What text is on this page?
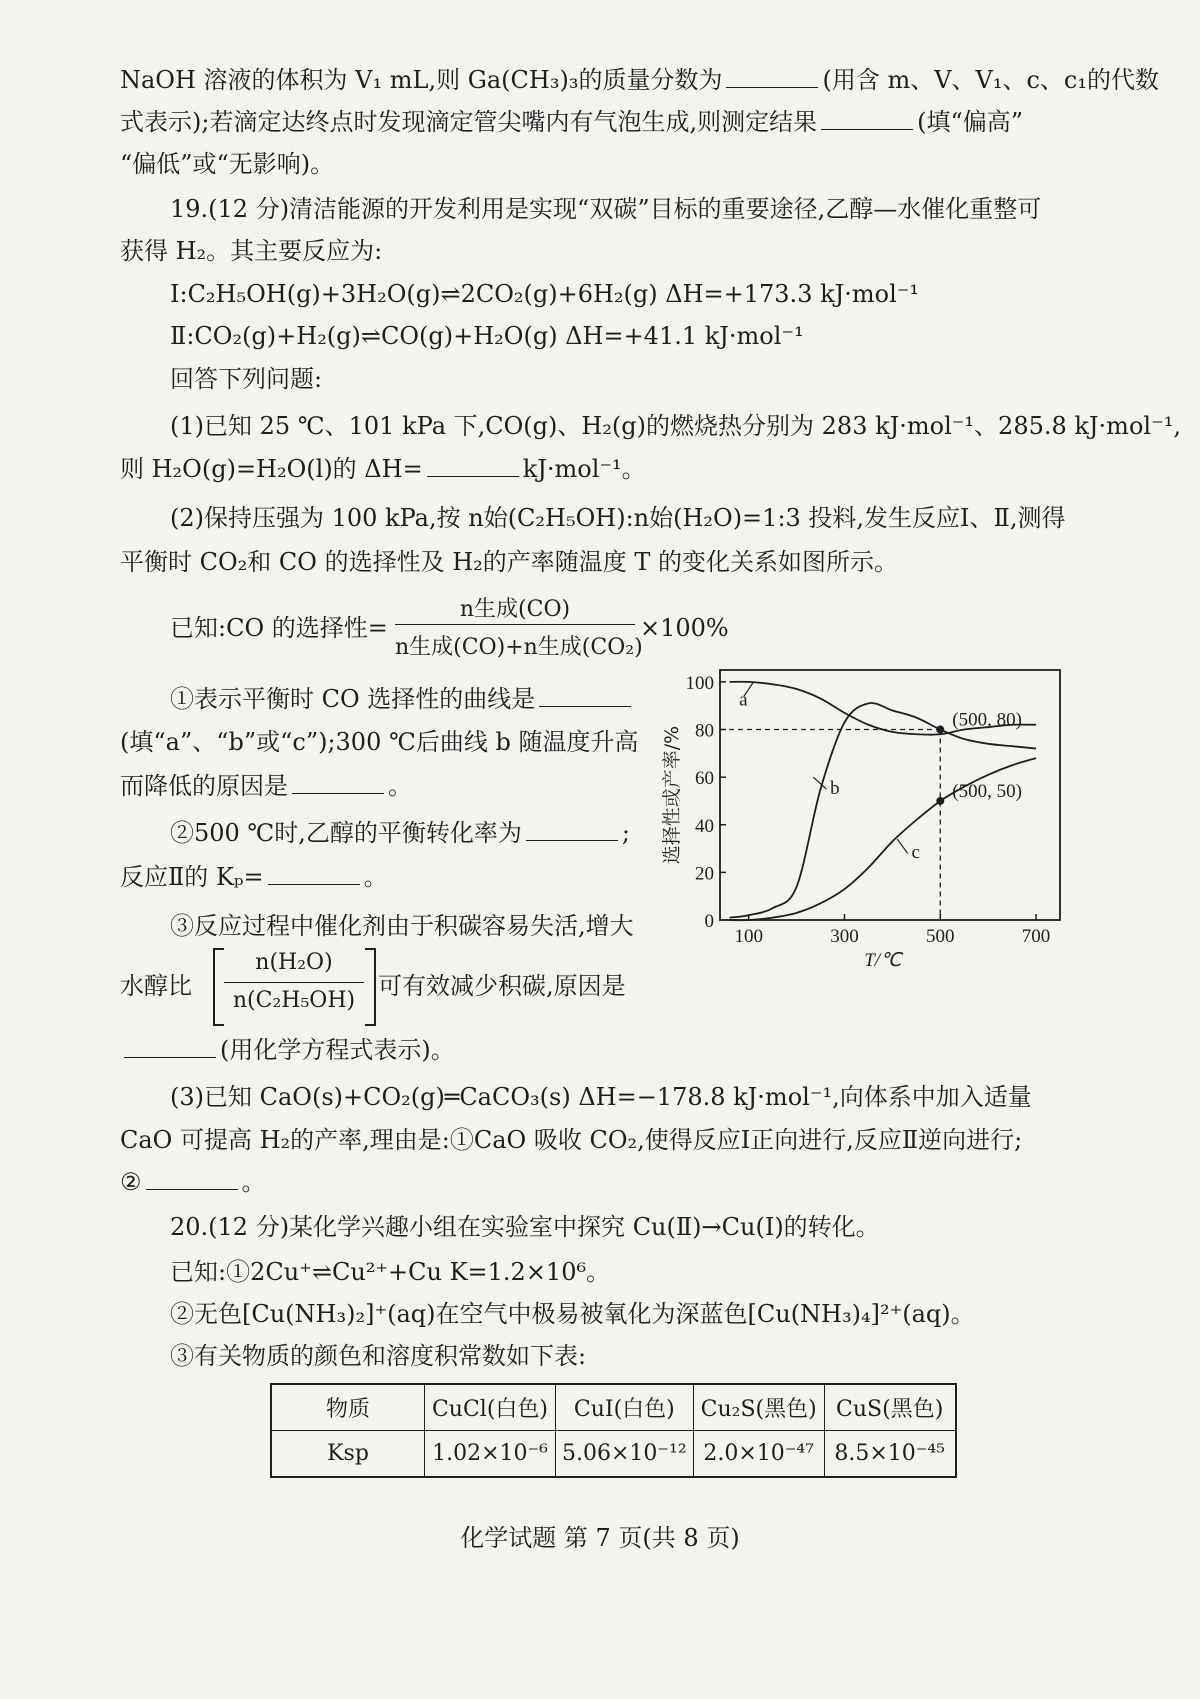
NaOH 溶液的体积为 V₁ mL,则 Ga(CH₃)₃的质量分数为	(用含 m、V、V₁、c、c₁的代数
式表示);若滴定达终点时发现滴定管尖嘴内有气泡生成,则测定结果	(填“偏高”
“偏低”或“无影响)。
19.(12 分)清洁能源的开发利用是实现“双碳”目标的重要途径,乙醇—水催化重整可
获得 H₂。其主要反应为:
Ⅰ:C₂H₅OH(g)+3H₂O(g)⇌2CO₂(g)+6H₂(g) ΔH=+173.3 kJ·mol⁻¹
Ⅱ:CO₂(g)+H₂(g)⇌CO(g)+H₂O(g) ΔH=+41.1 kJ·mol⁻¹
回答下列问题:
(1)已知 25 ℃、101 kPa 下,CO(g)、H₂(g)的燃烧热分别为 283 kJ·mol⁻¹、285.8 kJ·mol⁻¹,
则 H₂O(g)=H₂O(l)的 ΔH=	kJ·mol⁻¹。
(2)保持压强为 100 kPa,按 n始(C₂H₅OH):n始(H₂O)=1:3 投料,发生反应Ⅰ、Ⅱ,测得
平衡时 CO₂和 CO 的选择性及 H₂的产率随温度 T 的变化关系如图所示。
已知:CO 的选择性=
n生成(CO)
n生成(CO)+n生成(CO₂)
×100%
①表示平衡时 CO 选择性的曲线是
(填“a”、“b”或“c”);300 ℃后曲线 b 随温度升高
而降低的原因是	。
②500 ℃时,乙醇的平衡转化率为	;
反应Ⅱ的 Kₚ=	。
③反应过程中催化剂由于积碳容易失活,增大
水醇比
n(H₂O)
n(C₂H₅OH)
可有效减少积碳,原因是
(用化学方程式表示)。
(3)已知 CaO(s)+CO₂(g)═CaCO₃(s) ΔH=−178.8 kJ·mol⁻¹,向体系中加入适量
CaO 可提高 H₂的产率,理由是:①CaO 吸收 CO₂,使得反应Ⅰ正向进行,反应Ⅱ逆向进行;
②	。
20.(12 分)某化学兴趣小组在实验室中探究 Cu(Ⅱ)→Cu(Ⅰ)的转化。
已知:①2Cu⁺⇌Cu²⁺+Cu K=1.2×10⁶。
②无色[Cu(NH₃)₂]⁺(aq)在空气中极易被氧化为深蓝色[Cu(NH₃)₄]²⁺(aq)。
③有关物质的颜色和溶度积常数如下表:
0
20
40
60
80
100
100	300	500	700
T/℃
选择性或产率/%
a
b
c
(500, 80)
(500, 50)
物质	CuCl(白色)	CuI(白色)	Cu₂S(黑色)	CuS(黑色)
Ksp	1.02×10⁻⁶	5.06×10⁻¹²	2.0×10⁻⁴⁷	8.5×10⁻⁴⁵
化学试题 第 7 页(共 8 页)
